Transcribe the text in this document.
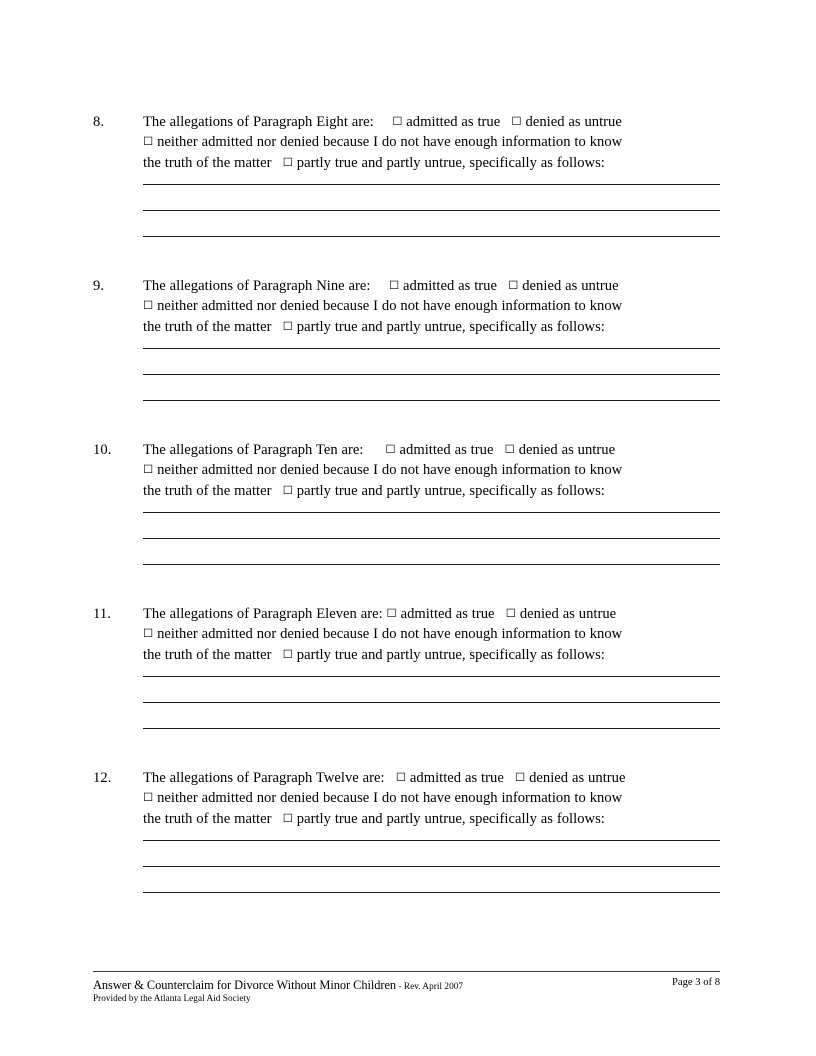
8.	The allegations of Paragraph Eight are:  ☐ admitted as true  ☐ denied as untrue
☐ neither admitted nor denied because I do not have enough information to know
the truth of the matter  ☐ partly true and partly untrue, specifically as follows:
9.	The allegations of Paragraph Nine are:  ☐ admitted as true  ☐ denied as untrue
☐ neither admitted nor denied because I do not have enough information to know
the truth of the matter  ☐ partly true and partly untrue, specifically as follows:
10.	The allegations of Paragraph Ten are:   ☐ admitted as true  ☐ denied as untrue
☐ neither admitted nor denied because I do not have enough information to know
the truth of the matter  ☐ partly true and partly untrue, specifically as follows:
11.	The allegations of Paragraph Eleven are: ☐ admitted as true  ☐ denied as untrue
☐ neither admitted nor denied because I do not have enough information to know
the truth of the matter  ☐ partly true and partly untrue, specifically as follows:
12.	The allegations of Paragraph Twelve are:  ☐ admitted as true  ☐ denied as untrue
☐ neither admitted nor denied because I do not have enough information to know
the truth of the matter  ☐ partly true and partly untrue, specifically as follows:
Answer & Counterclaim for Divorce Without Minor Children - Rev. April 2007	Page 3 of 8
Provided by the Atlanta Legal Aid Society
